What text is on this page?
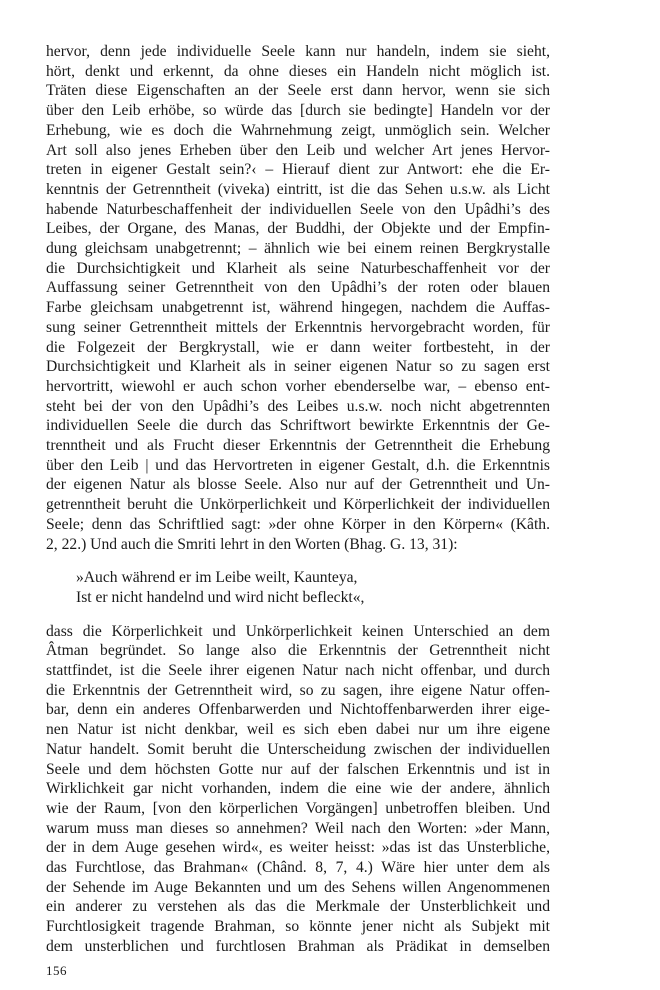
hervor, denn jede individuelle Seele kann nur handeln, indem sie sieht,
hört, denkt und erkennt, da ohne dieses ein Handeln nicht möglich ist.
Träten diese Eigenschaften an der Seele erst dann hervor, wenn sie sich
über den Leib erhöbe, so würde das [durch sie bedingte] Handeln vor der
Erhebung, wie es doch die Wahrnehmung zeigt, unmöglich sein. Welcher
Art soll also jenes Erheben über den Leib und welcher Art jenes Hervor-
treten in eigener Gestalt sein?‹ – Hierauf dient zur Antwort: ehe die Er-
kenntnis der Getrenntheit (viveka) eintritt, ist die das Sehen u.s.w. als Licht
habende Naturbeschaffenheit der individuellen Seele von den Upâdhi’s des
Leibes, der Organe, des Manas, der Buddhi, der Objekte und der Empfin-
dung gleichsam unabgetrennt; – ähnlich wie bei einem reinen Bergkrystalle
die Durchsichtigkeit und Klarheit als seine Naturbeschaffenheit vor der
Auffassung seiner Getrenntheit von den Upâdhi’s der roten oder blauen
Farbe gleichsam unabgetrennt ist, während hingegen, nachdem die Auffas-
sung seiner Getrenntheit mittels der Erkenntnis hervorgebracht worden, für
die Folgezeit der Bergkrystall, wie er dann weiter fortbesteht, in der
Durchsichtigkeit und Klarheit als in seiner eigenen Natur so zu sagen erst
hervortritt, wiewohl er auch schon vorher ebenderselbe war, – ebenso ent-
steht bei der von den Upâdhi’s des Leibes u.s.w. noch nicht abgetrennten
individuellen Seele die durch das Schriftwort bewirkte Erkenntnis der Ge-
trenntheit und als Frucht dieser Erkenntnis der Getrenntheit die Erhebung
über den Leib | und das Hervortreten in eigener Gestalt, d.h. die Erkenntnis
der eigenen Natur als blosse Seele. Also nur auf der Getrenntheit und Un-
getrenntheit beruht die Unkörperlichkeit und Körperlichkeit der individuellen
Seele; denn das Schriftlied sagt: »der ohne Körper in den Körpern« (Kâth.
2, 22.) Und auch die Smriti lehrt in den Worten (Bhag. G. 13, 31):
»Auch während er im Leibe weilt, Kaunteya,
Ist er nicht handelnd und wird nicht befleckt«,
dass die Körperlichkeit und Unkörperlichkeit keinen Unterschied an dem
Âtman begründet. So lange also die Erkenntnis der Getrenntheit nicht
stattfindet, ist die Seele ihrer eigenen Natur nach nicht offenbar, und durch
die Erkenntnis der Getrenntheit wird, so zu sagen, ihre eigene Natur offen-
bar, denn ein anderes Offenbarwerden und Nichtoffenbarwerden ihrer eige-
nen Natur ist nicht denkbar, weil es sich eben dabei nur um ihre eigene
Natur handelt. Somit beruht die Unterscheidung zwischen der individuellen
Seele und dem höchsten Gotte nur auf der falschen Erkenntnis und ist in
Wirklichkeit gar nicht vorhanden, indem die eine wie der andere, ähnlich
wie der Raum, [von den körperlichen Vorgängen] unbetroffen bleiben. Und
warum muss man dieses so annehmen? Weil nach den Worten: »der Mann,
der in dem Auge gesehen wird«, es weiter heisst: »das ist das Unsterbliche,
das Furchtlose, das Brahman« (Chând. 8, 7, 4.) Wäre hier unter dem als
der Sehende im Auge Bekannten und um des Sehens willen Angenommenen
ein anderer zu verstehen als das die Merkmale der Unsterblichkeit und
Furchtlosigkeit tragende Brahman, so könnte jener nicht als Subjekt mit
dem unsterblichen und furchtlosen Brahman als Prädikat in demselben
156
